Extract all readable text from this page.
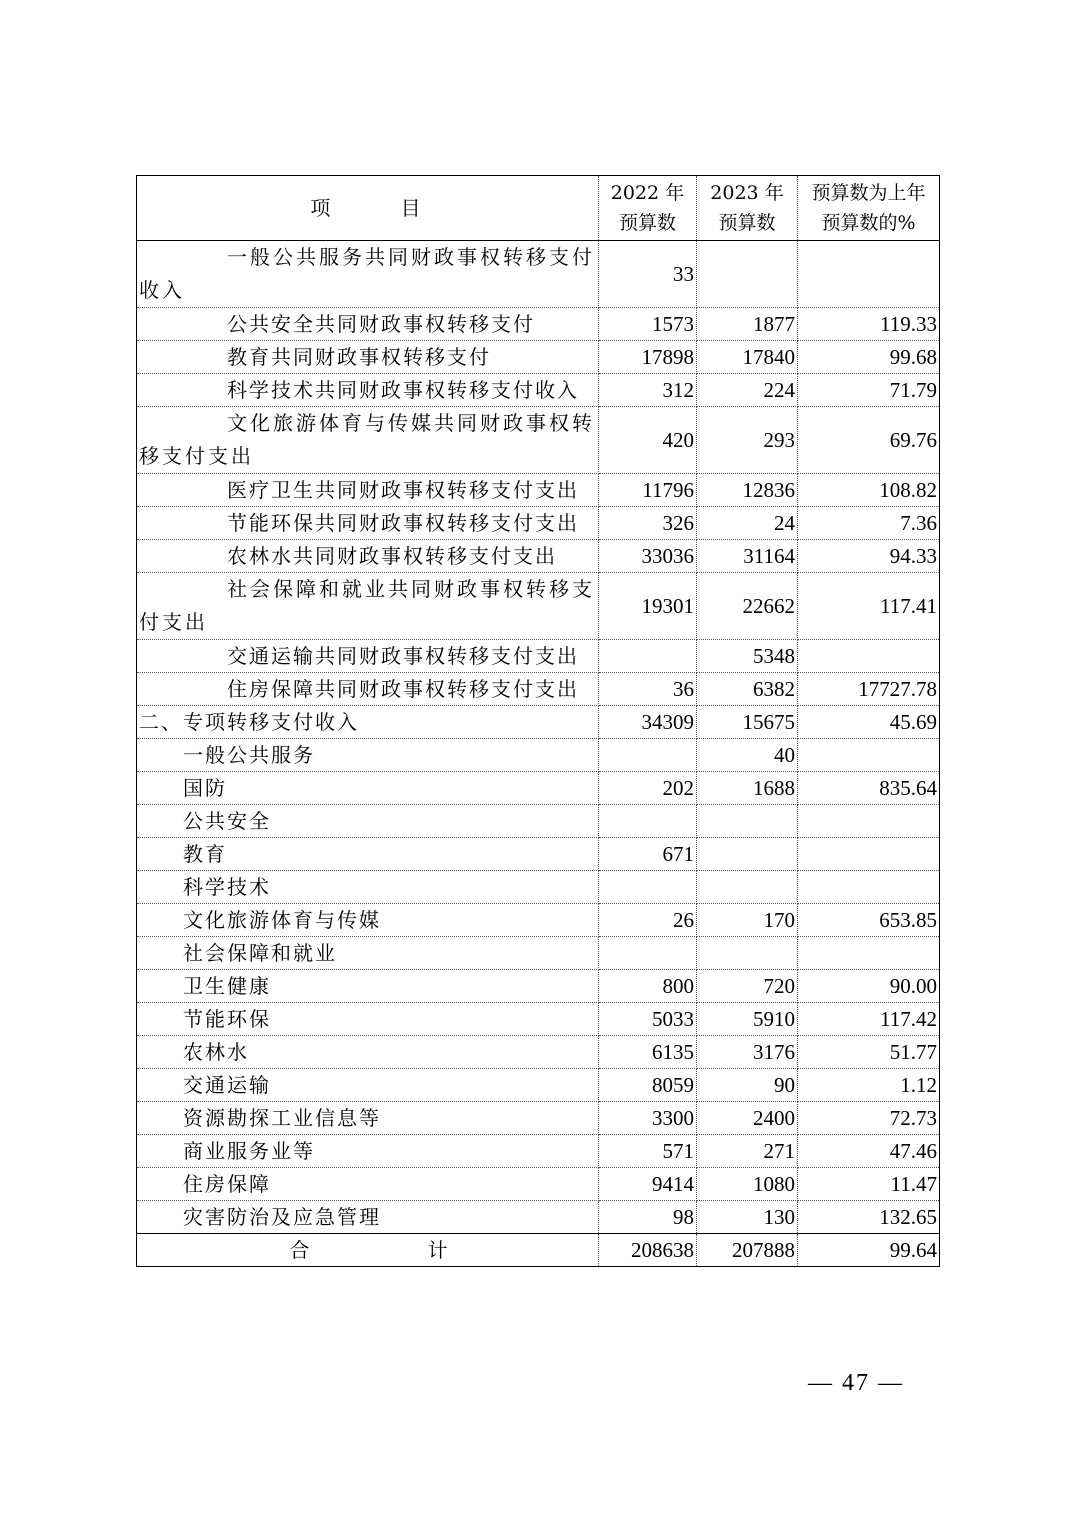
项 目	2022 年 预算数	2023 年 预算数	预算数为上年 预算数的%
一般公共服务共同财政事权转移支付收入	33		
公共安全共同财政事权转移支付	1573	1877	119.33
教育共同财政事权转移支付	17898	17840	99.68
科学技术共同财政事权转移支付收入	312	224	71.79
文化旅游体育与传媒共同财政事权转移支付支出	420	293	69.76
医疗卫生共同财政事权转移支付支出	11796	12836	108.82
节能环保共同财政事权转移支付支出	326	24	7.36
农林水共同财政事权转移支付支出	33036	31164	94.33
社会保障和就业共同财政事权转移支付支出	19301	22662	117.41
交通运输共同财政事权转移支付支出		5348	
住房保障共同财政事权转移支付支出	36	6382	17727.78
二、专项转移支付收入	34309	15675	45.69
一般公共服务		40	
国防	202	1688	835.64
公共安全			
教育	671		
科学技术			
文化旅游体育与传媒	26	170	653.85
社会保障和就业			
卫生健康	800	720	90.00
节能环保	5033	5910	117.42
农林水	6135	3176	51.77
交通运输	8059	90	1.12
资源勘探工业信息等	3300	2400	72.73
商业服务业等	571	271	47.46
住房保障	9414	1080	11.47
灾害防治及应急管理	98	130	132.65
合 计	208638	207888	99.64
— 47 —
